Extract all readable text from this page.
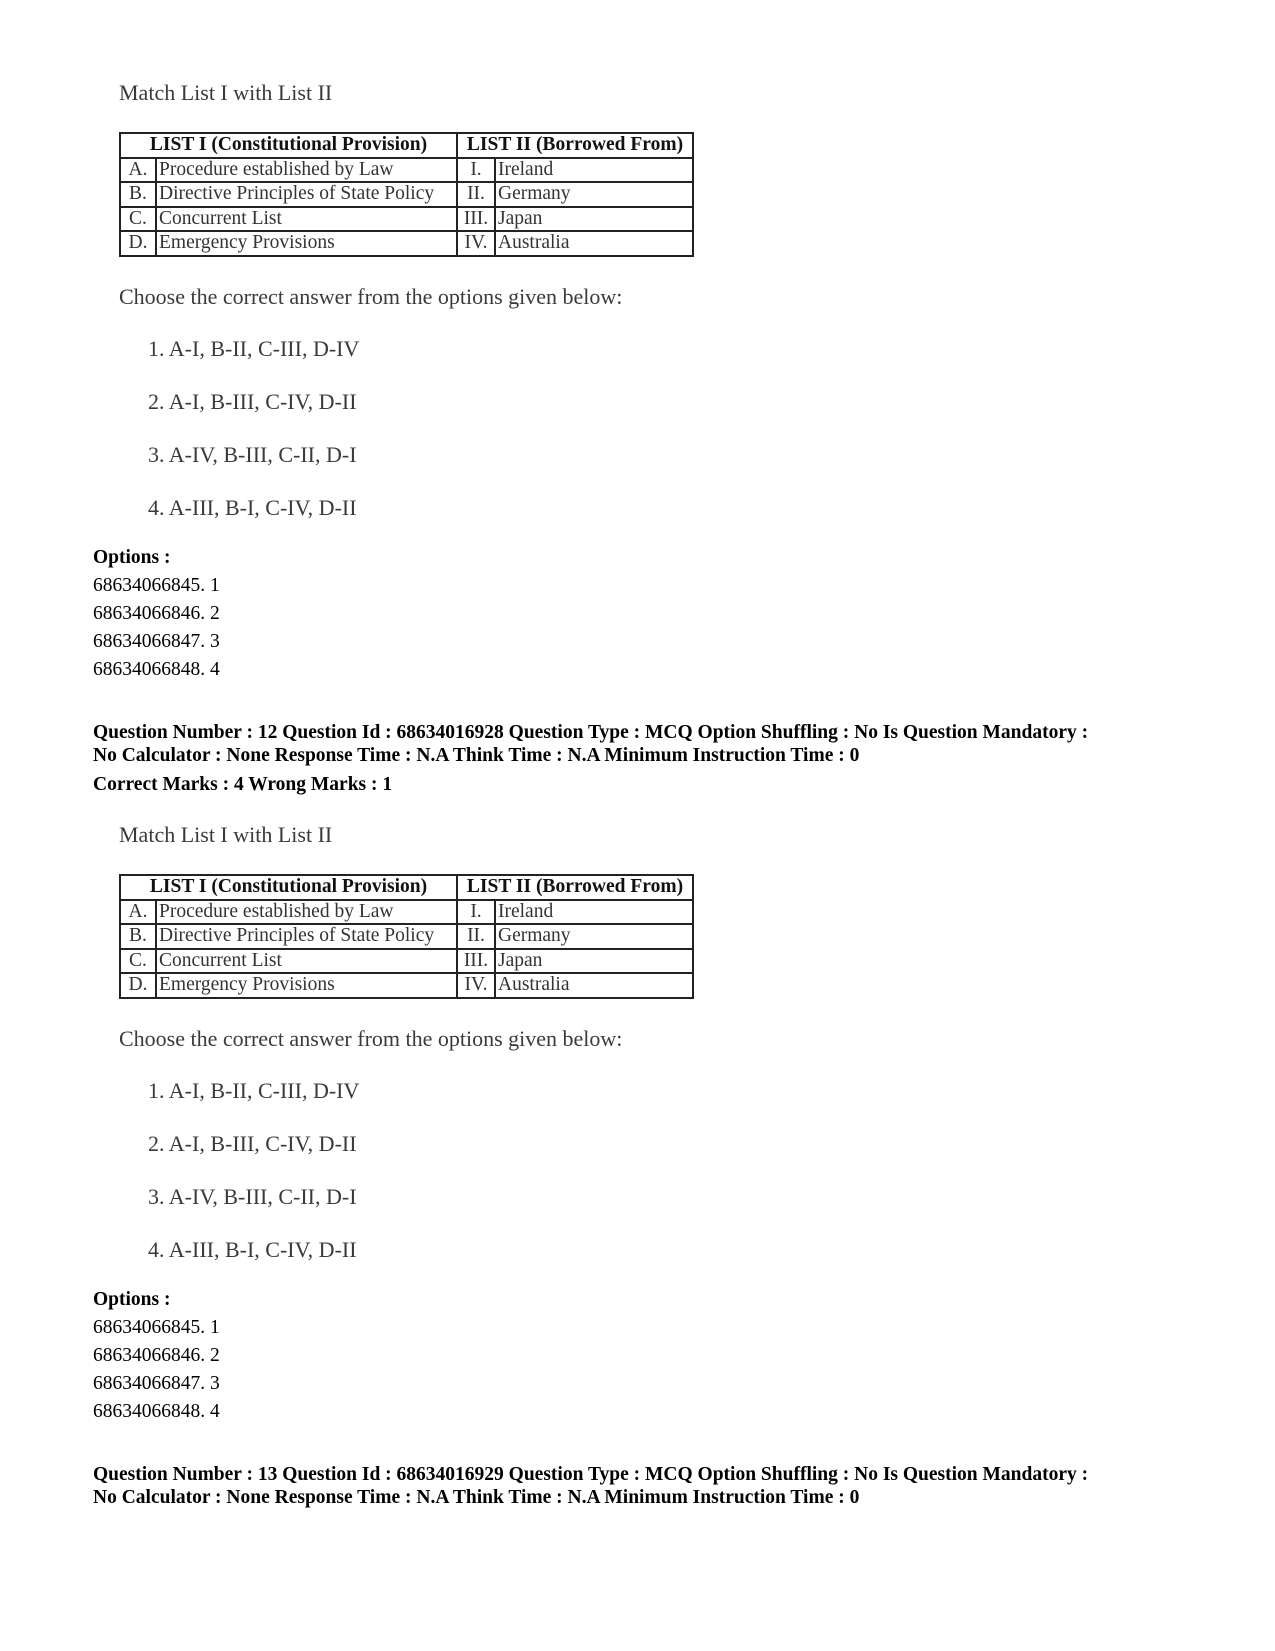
Match List I with List II
LIST I (Constitutional Provision)		LIST II (Borrowed From)	
A.	Procedure established by Law	I.	Ireland
B.	Directive Principles of State Policy	II.	Germany
C.	Concurrent List	III.	Japan
D.	Emergency Provisions	IV.	Australia
Choose the correct answer from the options given below:
1. A-I, B-II, C-III, D-IV
2. A-I, B-III, C-IV, D-II
3. A-IV, B-III, C-II, D-I
4. A-III, B-I, C-IV, D-II
Options :
68634066845. 1
68634066846. 2
68634066847. 3
68634066848. 4
Question Number : 12 Question Id : 68634016928 Question Type : MCQ Option Shuffling : No Is Question Mandatory :
No Calculator : None Response Time : N.A Think Time : N.A Minimum Instruction Time : 0
Correct Marks : 4 Wrong Marks : 1
Match List I with List II
LIST I (Constitutional Provision)		LIST II (Borrowed From)	
A.	Procedure established by Law	I.	Ireland
B.	Directive Principles of State Policy	II.	Germany
C.	Concurrent List	III.	Japan
D.	Emergency Provisions	IV.	Australia
Choose the correct answer from the options given below:
1. A-I, B-II, C-III, D-IV
2. A-I, B-III, C-IV, D-II
3. A-IV, B-III, C-II, D-I
4. A-III, B-I, C-IV, D-II
Options :
68634066845. 1
68634066846. 2
68634066847. 3
68634066848. 4
Question Number : 13 Question Id : 68634016929 Question Type : MCQ Option Shuffling : No Is Question Mandatory :
No Calculator : None Response Time : N.A Think Time : N.A Minimum Instruction Time : 0
